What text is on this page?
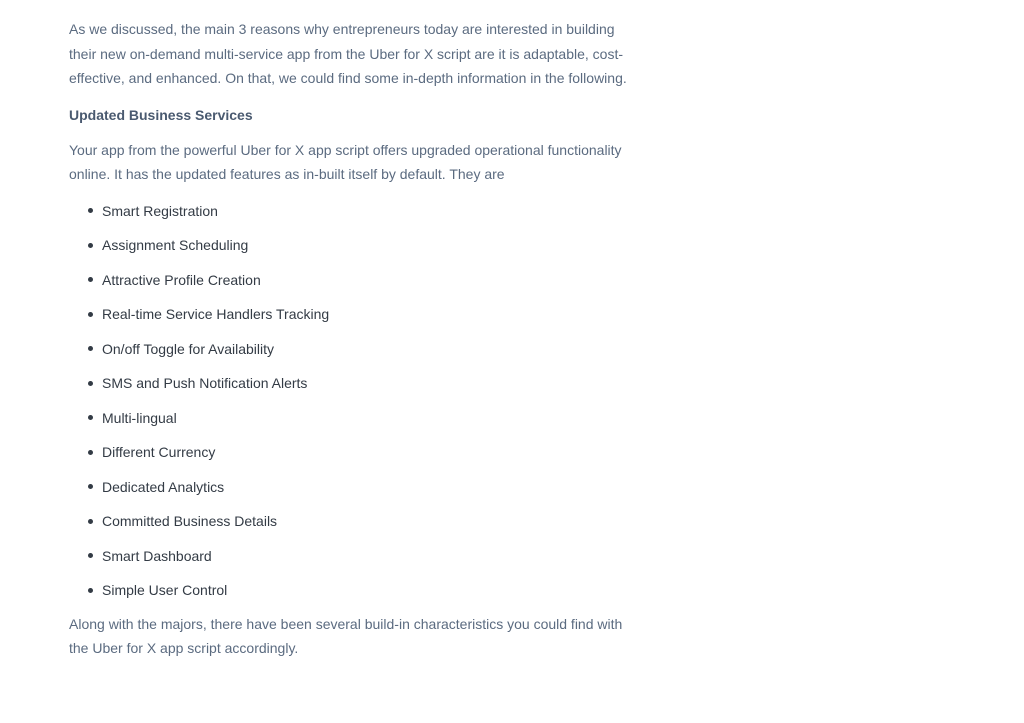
As we discussed, the main 3 reasons why entrepreneurs today are interested in building their new on-demand multi-service app from the Uber for X script are it is adaptable, cost-effective, and enhanced. On that, we could find some in-depth information in the following.

Updated Business Services

Your app from the powerful Uber for X app script offers upgraded operational functionality online. It has the updated features as in-built itself by default. They are

Smart Registration
Assignment Scheduling
Attractive Profile Creation
Real-time Service Handlers Tracking
On/off Toggle for Availability
SMS and Push Notification Alerts
Multi-lingual
Different Currency
Dedicated Analytics
Committed Business Details
Smart Dashboard
Simple User Control

Along with the majors, there have been several build-in characteristics you could find with the Uber for X app script accordingly.
